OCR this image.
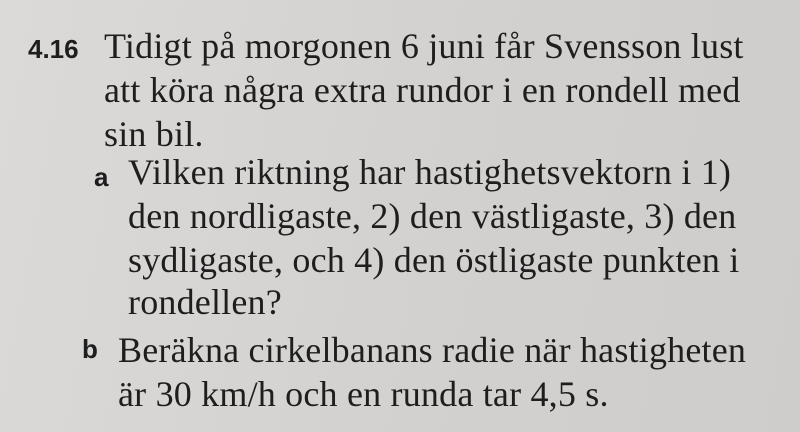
4.16 Tidigt på morgonen 6 juni får Svensson lust
att köra några extra rundor i en rondell med
sin bil.
a Vilken riktning har hastighetsvektorn i 1)
den nordligaste, 2) den västligaste, 3) den
sydligaste, och 4) den östligaste punkten i
rondellen?
b Beräkna cirkelbanans radie när hastigheten
är 30 km/h och en runda tar 4,5 s.
